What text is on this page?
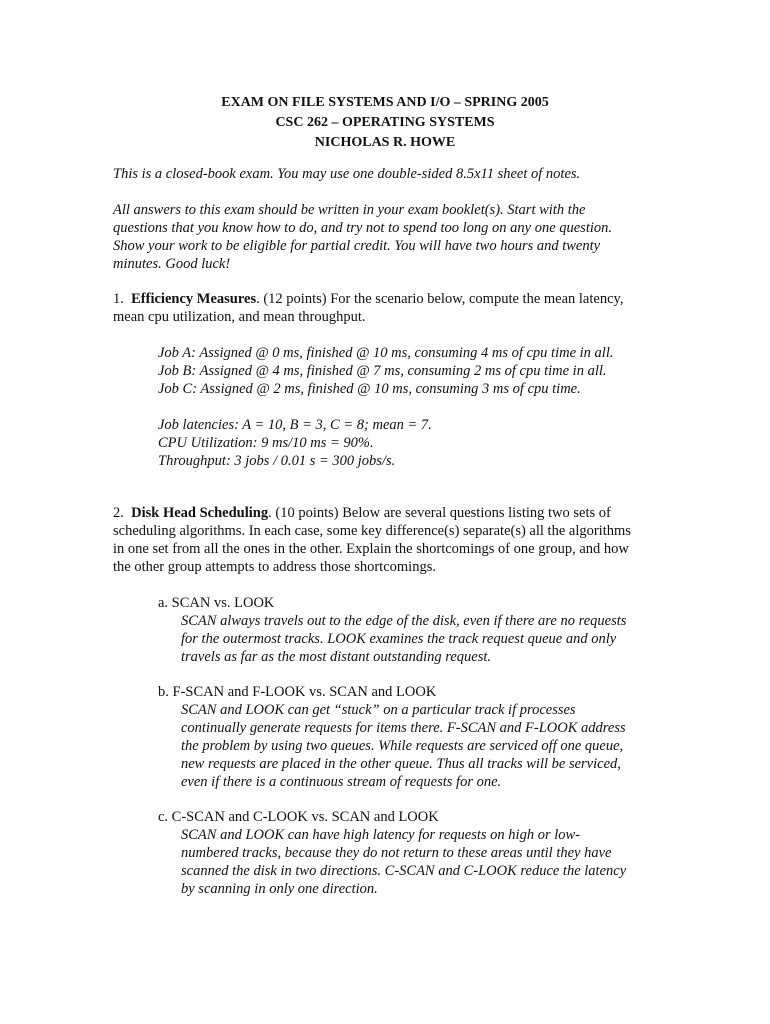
EXAM ON FILE SYSTEMS AND I/O – SPRING 2005
CSC 262 – OPERATING SYSTEMS
NICHOLAS R. HOWE
This is a closed-book exam. You may use one double-sided 8.5x11 sheet of notes.
All answers to this exam should be written in your exam booklet(s). Start with the
questions that you know how to do, and try not to spend too long on any one question.
Show your work to be eligible for partial credit. You will have two hours and twenty
minutes. Good luck!
1. Efficiency Measures. (12 points) For the scenario below, compute the mean latency,
mean cpu utilization, and mean throughput.
Job A: Assigned @ 0 ms, finished @ 10 ms, consuming 4 ms of cpu time in all.
Job B: Assigned @ 4 ms, finished @ 7 ms, consuming 2 ms of cpu time in all.
Job C: Assigned @ 2 ms, finished @ 10 ms, consuming 3 ms of cpu time.
Job latencies: A = 10, B = 3, C = 8; mean = 7.
CPU Utilization: 9 ms/10 ms = 90%.
Throughput: 3 jobs / 0.01 s = 300 jobs/s.
2. Disk Head Scheduling. (10 points) Below are several questions listing two sets of
scheduling algorithms. In each case, some key difference(s) separate(s) all the algorithms
in one set from all the ones in the other. Explain the shortcomings of one group, and how
the other group attempts to address those shortcomings.
a. SCAN vs. LOOK
SCAN always travels out to the edge of the disk, even if there are no requests
for the outermost tracks. LOOK examines the track request queue and only
travels as far as the most distant outstanding request.
b. F-SCAN and F-LOOK vs. SCAN and LOOK
SCAN and LOOK can get “stuck” on a particular track if processes
continually generate requests for items there. F-SCAN and F-LOOK address
the problem by using two queues. While requests are serviced off one queue,
new requests are placed in the other queue. Thus all tracks will be serviced,
even if there is a continuous stream of requests for one.
c. C-SCAN and C-LOOK vs. SCAN and LOOK
SCAN and LOOK can have high latency for requests on high or low-
numbered tracks, because they do not return to these areas until they have
scanned the disk in two directions. C-SCAN and C-LOOK reduce the latency
by scanning in only one direction.
